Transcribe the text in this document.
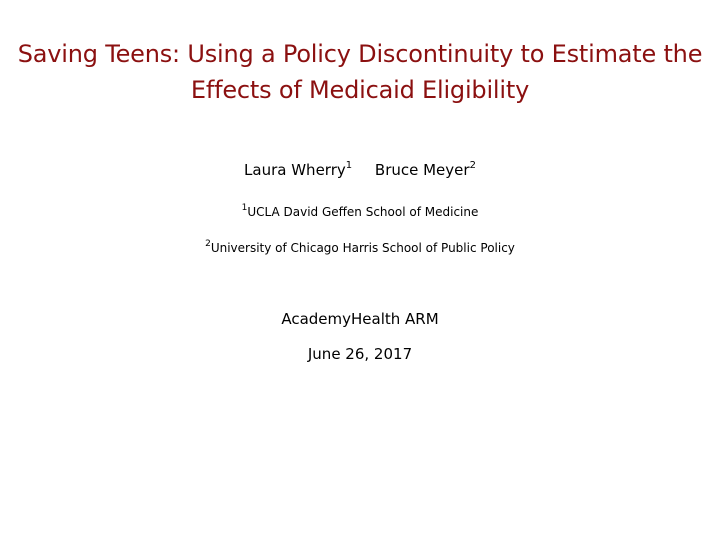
Saving Teens: Using a Policy Discontinuity to Estimate the
Effects of Medicaid Eligibility
Laura Wherry$^1$ Bruce Meyer$^2$
$^1$UCLA David Geffen School of Medicine
$^2$University of Chicago Harris School of Public Policy
AcademyHealth ARM
June 26, 2017
